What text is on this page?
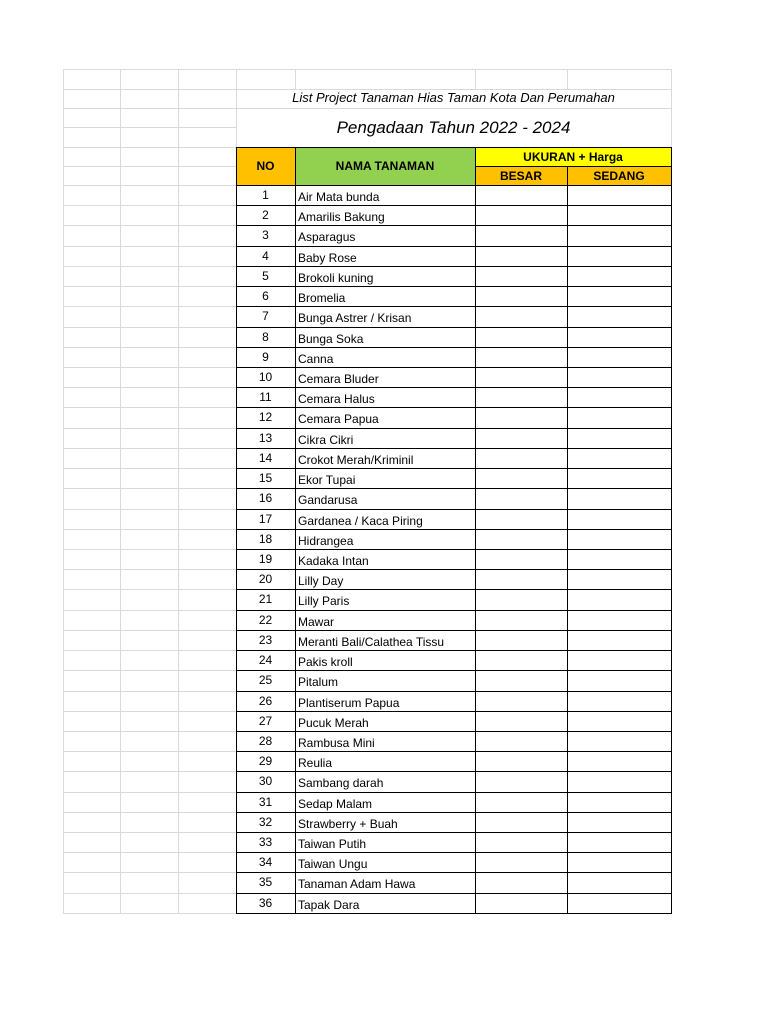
List Project Tanaman Hias Taman Kota Dan Perumahan
Pengadaan Tahun 2022 - 2024
NO	NAMA TANAMAN
UKURAN + Harga
BESAR	SEDANG
1	Air Mata bunda
2	Amarilis Bakung
3	Asparagus
4	Baby Rose
5	Brokoli kuning
6	Bromelia
7	Bunga Astrer / Krisan
8	Bunga Soka
9	Canna
10	Cemara Bluder
11	Cemara Halus
12	Cemara Papua
13	Cikra Cikri
14	Crokot Merah/Kriminil
15	Ekor Tupai
16	Gandarusa
17	Gardanea / Kaca Piring
18	Hidrangea
19	Kadaka Intan
20	Lilly Day
21	Lilly Paris
22	Mawar
23	Meranti Bali/Calathea Tissu
24	Pakis kroll
25	Pitalum
26	Plantiserum Papua
27	Pucuk Merah
28	Rambusa Mini
29	Reulia
30	Sambang darah
31	Sedap Malam
32	Strawberry + Buah
33	Taiwan Putih
34	Taiwan Ungu
35	Tanaman Adam Hawa
36	Tapak Dara
